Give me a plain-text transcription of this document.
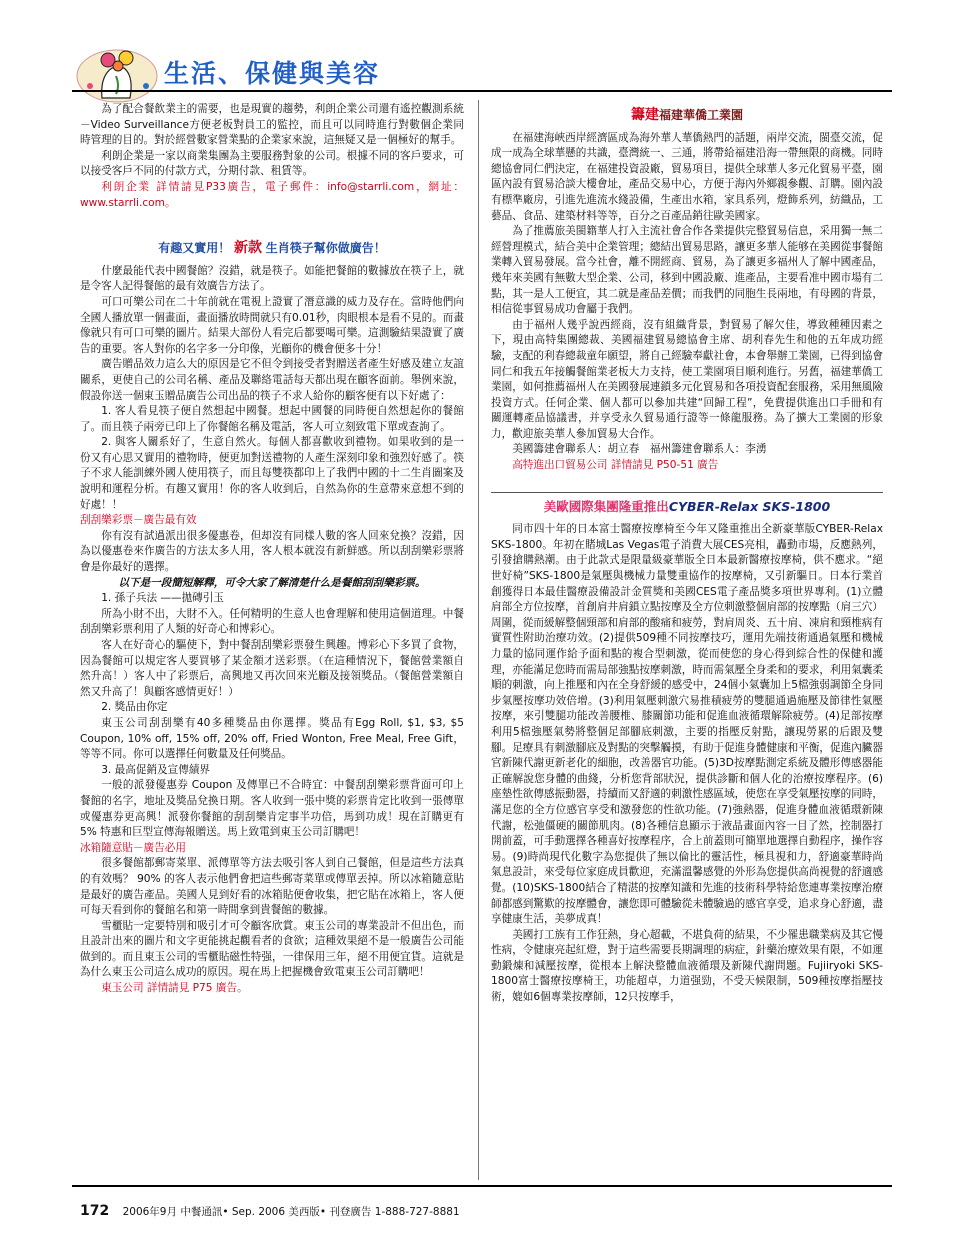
生活、保健與美容

為了配合餐飲業主的需要，也是現實的趨勢，利朗企業公司還有遙控觀測系統－Video Surveillance方便老板對員工的監控，而且可以同時進行對數個企業同時管理的目的。對於經營數家營業點的企業家來說，這無疑又是一個極好的幫手。

利朗企業是一家以商業集團為主要服務對象的公司。根據不同的客戶要求，可以接受客戶不同的付款方式，分期付款、租賃等。

利朗企業 詳情請見P33廣告，電子郵件：info@starrli.com，網址：www.starrli.com。

有趣又實用！ 新款 生肖筷子幫你做廣告！

什麼最能代表中國餐館？沒錯，就是筷子。如能把餐館的數據放在筷子上，就是令客人記得餐館的最有效廣告方法了。

可口可樂公司在二十年前就在電視上證實了潛意識的威力及存在。當時他們向全國人播放單一個畫面，畫面播放時間就只有0.01秒，肉眼根本是看不見的。而畫像就只有可口可樂的圖片。結果大部份人看完后都要喝可樂。這測驗結果證實了廣告的重要。客人對你的名字多一分印像，光顧你的機會便多十分！

廣告贈品效力這么大的原因是它不但令到接受者對贈送者產生好感及建立友誼關系，更使自己的公司名稱、產品及聯絡電話每天都出現在顧客面前。舉例來說，假設你送一個東玉贈品廣告公司出品的筷子不求人給你的顧客便有以下好處了：

1. 客人看見筷子便自然想起中國餐。想起中國餐的同時便自然想起你的餐館了。而且筷子兩旁已印上了你餐館名稱及電話，客人可立刻致電下單或查詢了。

2. 與客人關系好了，生意自然火。每個人都喜歡收到禮物。如果收到的是一份又有心思又實用的禮物時，便更加對送禮物的人產生深刻印象和強烈好感了。筷子不求人能訓練外國人使用筷子，而且每雙筷都印上了我們中國的十二生肖圖案及說明和運程分析。有趣又實用！你的客人收到后，自然為你的生意帶來意想不到的好處！！

刮刮樂彩票－廣告最有效

你有沒有試過派出很多優惠卷，但却沒有同樣人數的客人回來兌換？沒錯，因為以優惠卷來作廣告的方法太多人用，客人根本就沒有新鮮感。所以刮刮樂彩票將會是你最好的選擇。

以下是一段簡短解釋，可令大家了解清楚什么是餐館刮刮樂彩票。

1. 孫子兵法 ——拋磚引玉

所為小財不出，大財不入。任何精明的生意人也會理解和使用這個道理。中餐刮刮樂彩票利用了人類的好奇心和博彩心。

客人在好奇心的驅使下，對中餐刮刮樂彩票發生興趣。博彩心下多買了食物，因為餐館可以規定客人要買够了某金額才送彩票。（在這種情況下，餐館營業額自然升高！）客人中了彩票后，高興地又再次回來光顧及接領獎品。（餐館營業額自然又升高了！與顧客感情更好！）

2. 獎品由你定

東玉公司刮刮樂有40多種獎品由你選擇。獎品有Egg Roll, $1, $3, $5 Coupon, 10% off, 15% off, 20% off, Fried Wonton, Free Meal, Free Gift，等等不同。你可以選擇任何數量及任何獎品。

3. 最高促銷及宣傳績界

一般的派發優惠券 Coupon 及傳單已不合時宜：中餐刮刮樂彩票背面可印上餐館的名字，地址及獎品兌換日期。客人收到一張中獎的彩票肯定比收到一張傳單或優惠券更高興！派發你餐館的刮刮樂肯定事半功倍，馬到功成！現在訂購更有5% 特惠和巨型宣傳海報贈送。馬上致電到東玉公司訂購吧！

冰箱隨意貼－廣告必用

很多餐館都郵寄菜單、派傳單等方法去吸引客人到自己餐館，但是這些方法真的有效嗎？ 90% 的客人表示他們會把這些郵寄菜單或傳單丟掉。所以冰箱隨意貼是最好的廣告產品。美國人見到好看的冰箱貼便會收集，把它貼在冰箱上，客人便可每天看到你的餐館名和第一時間拿到貴餐館的數據。

雪櫃貼一定要特別和吸引才可令顧客欣賞。東玉公司的專業設計不但出色，而且設計出來的圖片和文字更能挑起觀看者的食欲；這種效果絕不是一般廣告公司能做到的。而且東玉公司的雪櫃貼磁性特强，一律保用三年，絕不用便宜貨。這就是為什么東玉公司這么成功的原因。現在馬上把握機會致電東玉公司訂購吧！

東玉公司 詳情請見 P75 廣告。

籌建福建華僑工業園

在福建海峽西岸經濟區成為海外華人華僑熱門的話題，兩岸交流，閩臺交流，促成一成為全球華懸的共識，臺灣統一、三通，將帶給福建沿海一帶無限的商機。同時總協會同仁們決定，在福建投資設廠，貿易項目，提供全球華人多元化貿易平臺，園區內設有貿易洽談大樓會址，產品交易中心，方便于海內外鄉親參觀、訂購。園內設有標準廠房，引進先進流水綫設備，生產出水箱，家具系列，燈飾系列，紡織品，工藝品、食品、建築材料等等，百分之百產品銷往歐美國家。

為了推薦旅美閩籍華人打入主流社會合作各業提供完整貿易信息，采用獨一無二經營理模式，結合美中企業管理；總結出貿易思路，讓更多華人能够在美國從事餐館業轉入貿易發展。當今社會，離不開經商、貿易，為了讓更多福州人了解中國產品，幾年來美國有無數大型企業、公司，移到中國設廠、進產品，主要看准中國市場有二點，其一是人工便宜，其二就是產品差價；而我們的同胞生長兩地，有母國的背景，相信從事貿易成功會屬于我們。

由于福州人幾乎說西經商，沒有組織背景，對貿易了解欠佳，導致種種因素之下，現由高特集團總裁、美國福建貿易總協會主席、胡利春先生和他的五年成功經驗，支配的利春總裁童年願望，將自己經驗奉獻社會，本會舉辦工業園，已得到協會同仁和我五年接觸餐館業老板大力支持，使工業園項目順利進行。另舊，福建華僑工業園，如何推薦福州人在美國發展連鎖多元化貿易和各項投資配套服務，采用無風險投資方式。任何企業、個人都可以參加共建“回歸工程”，免費提供進出口手冊和有關運轉產品協議書，并享受永久貿易通行證等一條龍服務。為了擴大工業園的形象力，歡迎旅美華人參加貿易大合作。

美國籌建會聯系人：胡立春　福州籌建會聯系人：李湧

高特進出口貿易公司 詳情請見 P50-51 廣告

美歐國際集團隆重推出CYBER-Relax SKS-1800

同市四十年的日本富士醫療按摩椅至今年又隆重推出全新豪華版CYBER-Relax SKS-1800。年初在賭城Las Vegas電子消費大展CES亮相，轟動市場，反應熱列，引發搶購熱潮。由于此款式是限量級豪華版全日本最新醫療按摩椅，供不應求。“絕世好椅”SKS-1800是氣壓與機械力量雙重協作的按摩椅，又引新驅日。日本行業首創獲得日本最佳醫療設備設計金質獎和美國CES電子產品獎多項世界專利。(1)立體肩部全方位按摩，首創肩井肩鎖立點按摩及全方位刺激整個肩部的按摩點（肩三穴）周圍，從而緩解整個頸部和肩部的酸痛和疲勞，對肩周炎、五十肩、凍肩和頸椎病有實質性附助治療功效。(2)提供509種不同按摩技巧，運用先端技術通過氣壓和機械力量的協同運作給予面和點的複合型刺激，從而使您的身心得到綜合性的保健和護理，亦能滿足您時而需局部強點按摩刺激，時而需氣壓全身柔和的要求，利用氣囊柔順的刺激，向上推壓和內在全身舒緩的感受中，24個小氣囊加上5檔強弱調節全身同步氣壓按摩功效倍增。(3)利用氣壓刺激穴易推積疲勞的雙腿通過施壓及節律性氣壓按摩，來引雙腿功能改善腰椎、膝關節功能和促進血液循環解除疲勞。(4)足部按摩利用5檔強壓氣勢將整個足部腳底刺激，主要的指壓反射點，讓現勞累的后跟及雙腳。足療具有刺激腳底及對點的突擊觸摸，有助于促進身體健康和平衡，促進內臟器官新陳代謝更新老化的細胞，改善器官功能。(5)3D按摩點測定系統及體形傳感器能正確解說您身體的曲綫，分析您背部狀況，提供診斷和個人化的治療按摩程序。(6)座墊性欲傳感振動器，持續而又舒適的刺激性感區域，使您在享受氣壓按摩的同時，滿足您的全方位感官享受和激發您的性欲功能。(7)強熱器，促進身體血液循環新陳代謝，松弛僵硬的關節肌肉。(8)各種信息顯示于液晶畫面內容一目了然，控制器打開前蓋，可手動選擇各種喜好按摩程序，合上前蓋則可簡單地選擇自動程序，操作容易。(9)時尚現代化數字為您提供了無以倫比的靈活性，極具視和力，舒適豪華時尚氣息設計，來受每位家庭成員歡迎，充滿溫馨感覺的外形為您提供高尚視覺的舒適感覺。(10)SKS-1800結合了精湛的按摩知識和先進的技術科學特給您連專業按摩治療師都感到驚歎的按摩體會，讓您即可體驗從未體驗過的感官享受，追求身心舒適，盡享健康生活，美夢成真！

美國打工族有工作狂熱，身心超載，不堪負荷的結果，不少罹患職業病及其它慢性病，令健康亮起紅燈，對于這些需要長期調理的病症，針藥治療效果有限，不如運動鍛煉和減壓按摩，從根本上解決整體血液循環及新陳代謝問題。Fujiiryoki SKS-1800富士醫療按摩椅王，功能超卓，力道强勁，不受天候限制，509種按摩指壓技術，媲如6個專業按摩師，12只按摩手，

172 2006年9月 中餐通訊• Sep. 2006 美西版• 刊登廣告 1-888-727-8881
